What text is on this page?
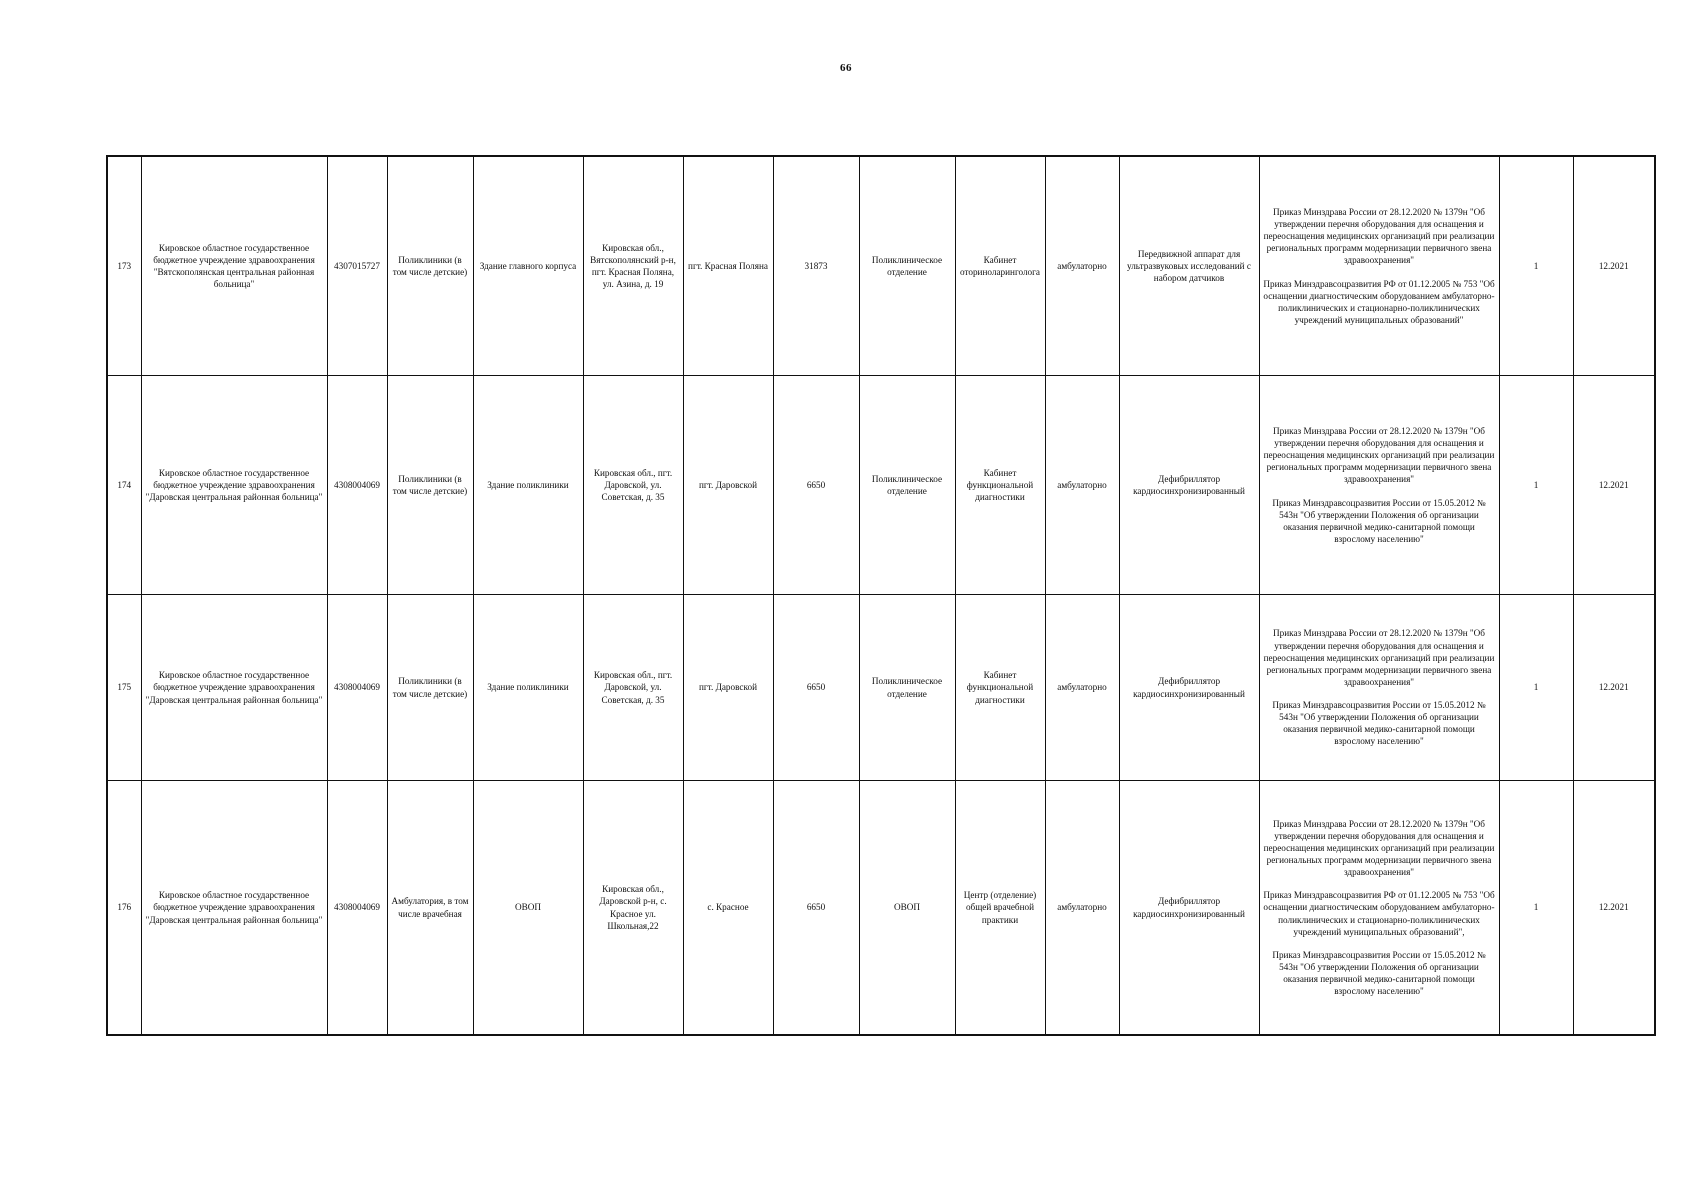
66
173	Кировское областное государственное бюджетное учреждение здравоохранения "Вятскополянская центральная районная больница"	4307015727	Поликлиники (в том числе детские)	Здание главного корпуса	Кировская обл., Вятскополянский р-н, пгт. Красная Поляна, ул. Азина, д. 19	пгт. Красная Поляна	31873	Поликлиническое отделение	Кабинет оториноларинголога	амбулаторно	Передвижной аппарат для ультразвуковых исследований с набором датчиков	Приказ Минздрава России от 28.12.2020 № 1379н "Об утверждении перечня оборудования для оснащения и переоснащения медицинских организаций при реализации региональных программ модернизации первичного звена здравоохранения"
Приказ Минздравсоцразвития РФ от 01.12.2005 № 753 "Об оснащении диагностическим оборудованием амбулаторно-поликлинических и стационарно-поликлинических учреждений муниципальных образований"	1	12.2021
174	Кировское областное государственное бюджетное учреждение здравоохранения "Даровская центральная районная больница"	4308004069	Поликлиники (в том числе детские)	Здание поликлиники	Кировская обл., пгт. Даровской, ул. Советская, д. 35	пгт. Даровской	6650	Поликлиническое отделение	Кабинет функциональной диагностики	амбулаторно	Дефибриллятор кардиосинхронизированный	Приказ Минздрава России от 28.12.2020 № 1379н "Об утверждении перечня оборудования для оснащения и переоснащения медицинских организаций при реализации региональных программ модернизации первичного звена здравоохранения"
Приказ Минздравсоцразвития России от 15.05.2012 № 543н "Об утверждении Положения об организации оказания первичной медико-санитарной помощи взрослому населению"	1	12.2021
175	Кировское областное государственное бюджетное учреждение здравоохранения "Даровская центральная районная больница"	4308004069	Поликлиники (в том числе детские)	Здание поликлиники	Кировская обл., пгт. Даровской, ул. Советская, д. 35	пгт. Даровской	6650	Поликлиническое отделение	Кабинет функциональной диагностики	амбулаторно	Дефибриллятор кардиосинхронизированный	Приказ Минздрава России от 28.12.2020 № 1379н "Об утверждении перечня оборудования для оснащения и переоснащения медицинских организаций при реализации региональных программ модернизации первичного звена здравоохранения"
Приказ Минздравсоцразвития России от 15.05.2012 № 543н "Об утверждении Положения об организации оказания первичной медико-санитарной помощи взрослому населению"	1	12.2021
176	Кировское областное государственное бюджетное учреждение здравоохранения "Даровская центральная районная больница"	4308004069	Амбулатория, в том числе врачебная	ОВОП	Кировская обл., Даровской р-н, с. Красное ул. Школьная,22	с. Красное	6650	ОВОП	Центр (отделение) общей врачебной практики	амбулаторно	Дефибриллятор кардиосинхронизированный	Приказ Минздрава России от 28.12.2020 № 1379н "Об утверждении перечня оборудования для оснащения и переоснащения медицинских организаций при реализации региональных программ модернизации первичного звена здравоохранения"
Приказ Минздравсоцразвития РФ от 01.12.2005 № 753 "Об оснащении диагностическим оборудованием амбулаторно-поликлинических и стационарно-поликлинических учреждений муниципальных образований",
Приказ Минздравсоцразвития России от 15.05.2012 № 543н "Об утверждении Положения об организации оказания первичной медико-санитарной помощи взрослому населению"	1	12.2021
